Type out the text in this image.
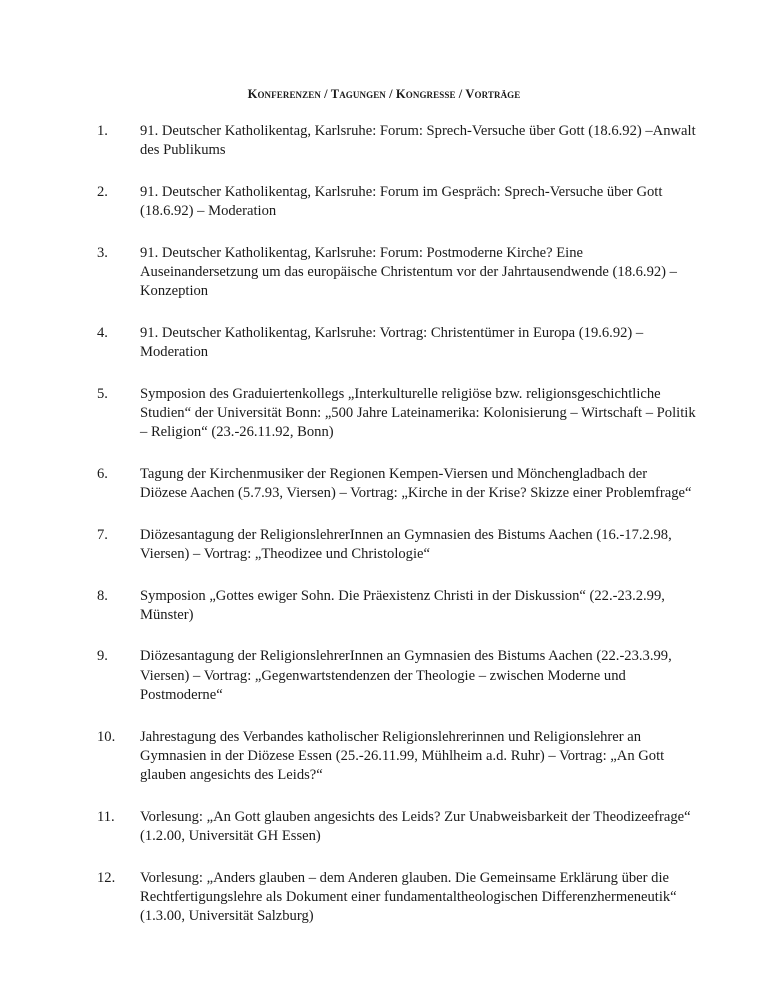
Konferenzen / Tagungen / Kongresse / Vorträge
1.	91. Deutscher Katholikentag, Karlsruhe: Forum: Sprech-Versuche über Gott (18.6.92) –Anwalt des Publikums
2.	91. Deutscher Katholikentag, Karlsruhe: Forum im Gespräch: Sprech-Versuche über Gott (18.6.92) – Moderation
3.	91. Deutscher Katholikentag, Karlsruhe: Forum: Postmoderne Kirche? Eine Auseinandersetzung um das europäische Christentum vor der Jahrtausendwende (18.6.92) – Konzeption
4.	91. Deutscher Katholikentag, Karlsruhe: Vortrag: Christentümer in Europa (19.6.92) – Moderation
5.	Symposion des Graduiertenkollegs „Interkulturelle religiöse bzw. religionsgeschichtliche Studien“ der Universität Bonn: „500 Jahre Lateinamerika: Kolonisierung – Wirtschaft – Politik – Religion“ (23.-26.11.92, Bonn)
6.	Tagung der Kirchenmusiker der Regionen Kempen-Viersen und Mönchengladbach der Diözese Aachen (5.7.93, Viersen) – Vortrag: „Kirche in der Krise? Skizze einer Problemfrage“
7.	Diözesantagung der ReligionslehrerInnen an Gymnasien des Bistums Aachen (16.-17.2.98, Viersen) – Vortrag: „Theodizee und Christologie“
8.	Symposion „Gottes ewiger Sohn. Die Präexistenz Christi in der Diskussion“ (22.-23.2.99, Münster)
9.	Diözesantagung der ReligionslehrerInnen an Gymnasien des Bistums Aachen (22.-23.3.99, Viersen) – Vortrag: „Gegenwartstendenzen der Theologie – zwischen Moderne und Postmoderne“
10.	Jahrestagung des Verbandes katholischer Religionslehrerinnen und Religionslehrer an Gymnasien in der Diözese Essen (25.-26.11.99, Mühlheim a.d. Ruhr) – Vortrag: „An Gott glauben angesichts des Leids?“
11.	Vorlesung: „An Gott glauben angesichts des Leids? Zur Unabweisbarkeit der Theodizeefrage“ (1.2.00, Universität GH Essen)
12.	Vorlesung: „Anders glauben – dem Anderen glauben. Die Gemeinsame Erklärung über die Rechtfertigungslehre als Dokument einer fundamentaltheologischen Differenzhermeneutik“ (1.3.00, Universität Salzburg)
